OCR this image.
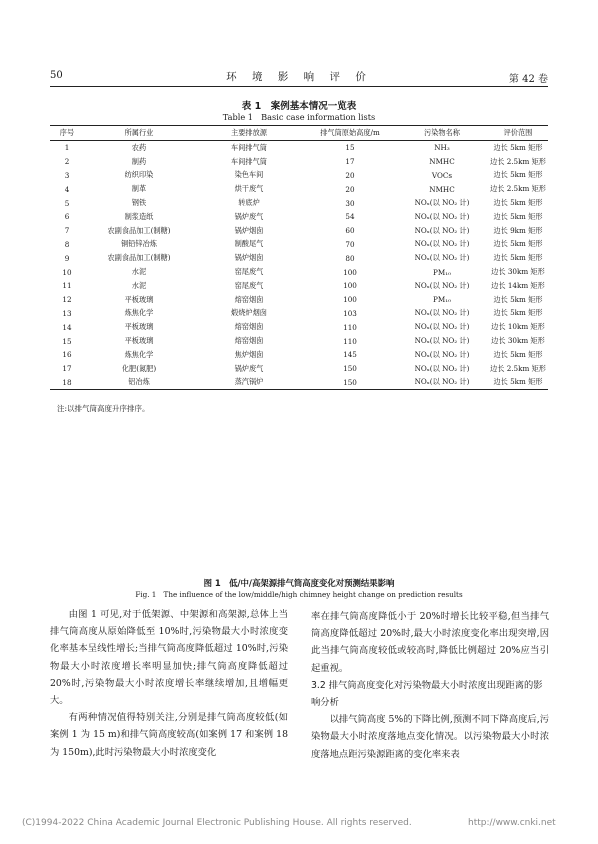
50	环 境 影 响 评 价	第 42 卷
表 1　案例基本情况一览表
Table 1　Basic case information lists
序号	所属行业	主要排放源	排气筒原始高度/m	污染物名称	评价范围
1	农药	车间排气筒	15	NH₃	边长 5km 矩形
2	制药	车间排气筒	17	NMHC	边长 2.5km 矩形
3	纺织印染	染色车间	20	VOCs	边长 5km 矩形
4	制革	烘干废气	20	NMHC	边长 2.5km 矩形
5	钢铁	转底炉	30	NOₓ(以 NO₂ 计)	边长 5km 矩形
6	制浆造纸	锅炉废气	54	NOₓ(以 NO₂ 计)	边长 5km 矩形
7	农副食品加工(制糖)	锅炉烟囱	60	NOₓ(以 NO₂ 计)	边长 9km 矩形
8	铜铅锌冶炼	制酸尾气	70	NOₓ(以 NO₂ 计)	边长 5km 矩形
9	农副食品加工(制糖)	锅炉烟囱	80	NOₓ(以 NO₂ 计)	边长 5km 矩形
10	水泥	窑尾废气	100	PM₁₀	边长 30km 矩形
11	水泥	窑尾废气	100	NOₓ(以 NO₂ 计)	边长 14km 矩形
12	平板玻璃	熔窑烟囱	100	PM₁₀	边长 5km 矩形
13	炼焦化学	煅烧炉烟囱	103	NOₓ(以 NO₂ 计)	边长 5km 矩形
14	平板玻璃	熔窑烟囱	110	NOₓ(以 NO₂ 计)	边长 10km 矩形
15	平板玻璃	熔窑烟囱	110	NOₓ(以 NO₂ 计)	边长 30km 矩形
16	炼焦化学	焦炉烟囱	145	NOₓ(以 NO₂ 计)	边长 5km 矩形
17	化肥(氮肥)	锅炉废气	150	NOₓ(以 NO₂ 计)	边长 2.5km 矩形
18	铝冶炼	蒸汽锅炉	150	NOₓ(以 NO₂ 计)	边长 5km 矩形
注:以排气筒高度升序排序。
图 1　低/中/高架源排气筒高度变化对预测结果影响
Fig. 1　The influence of the low/middle/high chimney height change on prediction results

由图 1 可见,对于低架源、中架源和高架源,总体上当排气筒高度从原始降低至 10%时,污染物最大小时浓度变化率基本呈线性增长;当排气筒高度降低超过 10%时,污染物最大小时浓度增长率明显加快;排气筒高度降低超过 20%时,污染物最大小时浓度增长率继续增加,且增幅更大。

有两种情况值得特别关注,分别是排气筒高度较低(如案例 1 为 15 m)和排气筒高度较高(如案例 17 和案例 18 为 150m),此时污染物最大小时浓度变化

率在排气筒高度降低小于 20%时增长比较平稳,但当排气筒高度降低超过 20%时,最大小时浓度变化率出现突增,因此当排气筒高度较低或较高时,降低比例超过 20%应当引起重视。

3.2 排气筒高度变化对污染物最大小时浓度出现距离的影响分析

以排气筒高度 5%的下降比例,预测不同下降高度后,污染物最大小时浓度落地点变化情况。以污染物最大小时浓度落地点距污染源距离的变化率来表

(C)1994-2022 China Academic Journal Electronic Publishing House. All rights reserved.	http://www.cnki.net
